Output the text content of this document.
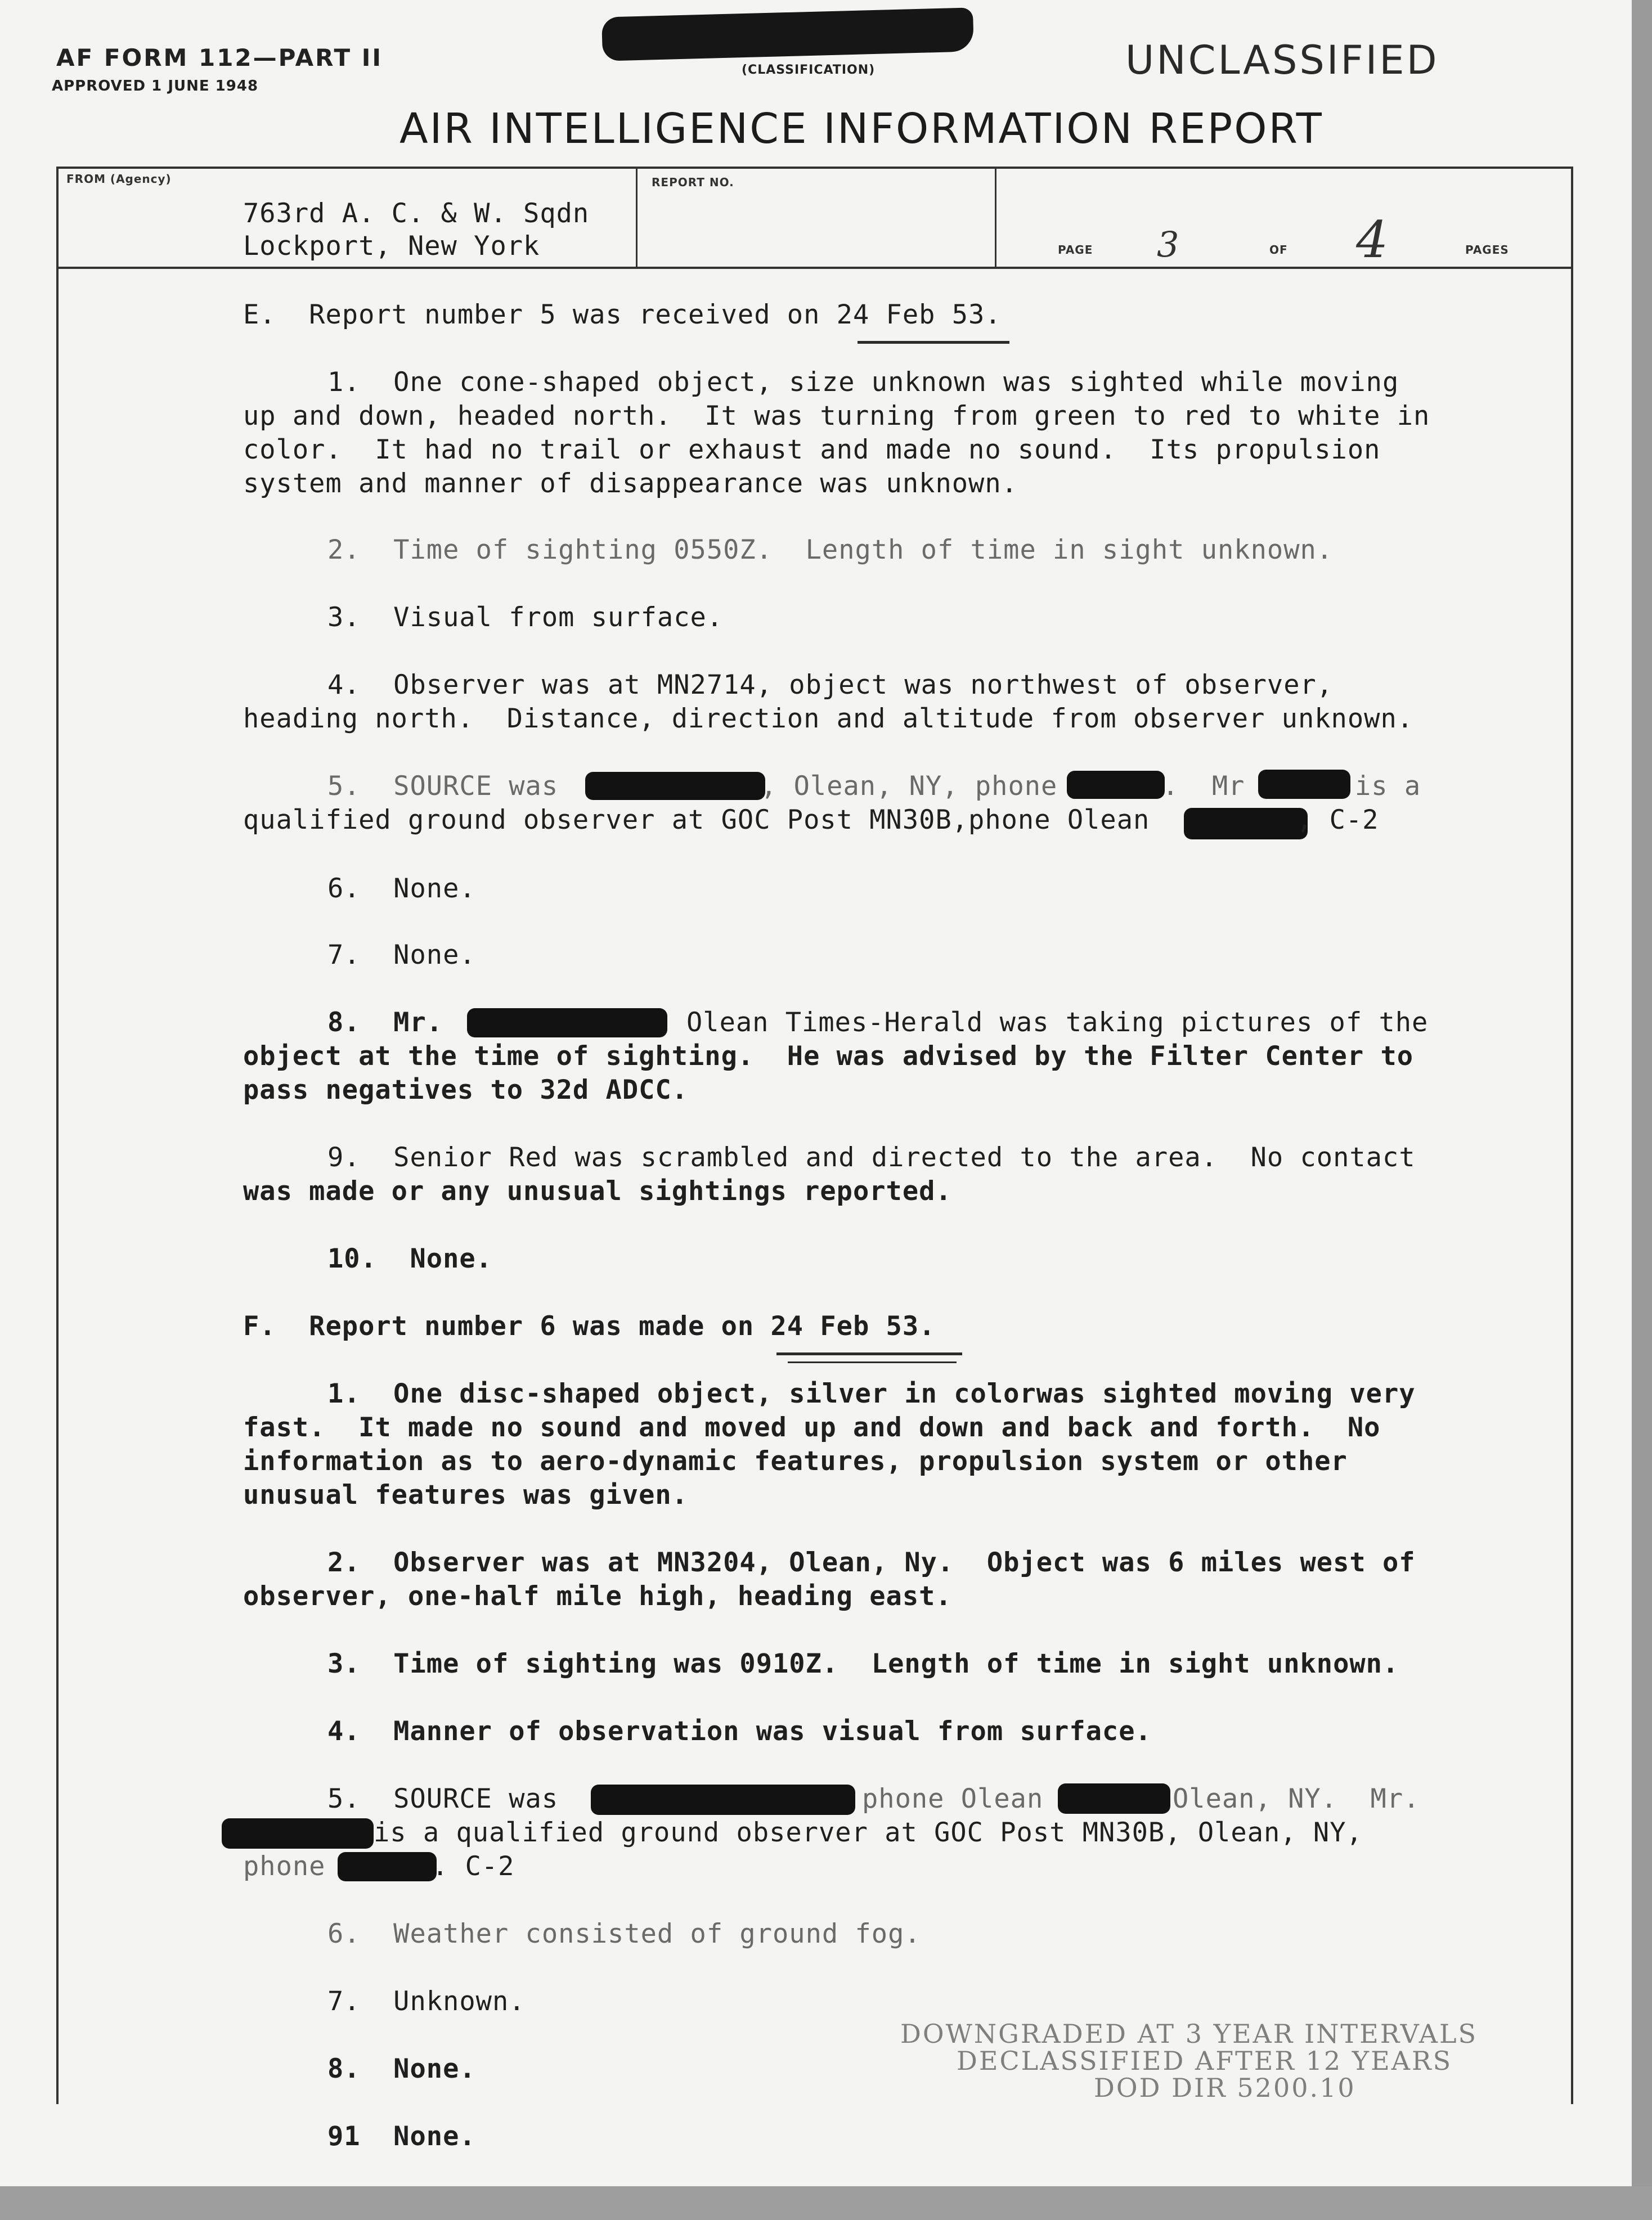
AF FORM 112—PART II
APPROVED 1 JUNE 1948
(CLASSIFICATION)	UNCLASSIFIED
AIR INTELLIGENCE INFORMATION REPORT
FROM (Agency)	REPORT NO.
PAGE	OF	PAGES
3	4
763rd A. C. & W. Sqdn
Lockport, New York
E.  Report number 5 was received on 24 Feb 53.
1.  One cone-shaped object, size unknown was sighted while moving
up and down, headed north.  It was turning from green to red to white in
color.  It had no trail or exhaust and made no sound.  Its propulsion
system and manner of disappearance was unknown.
2.  Time of sighting 0550Z.  Length of time in sight unknown.
3.  Visual from surface.
4.  Observer was at MN2714, object was northwest of observer,
heading north.  Distance, direction and altitude from observer unknown.
5.  SOURCE was	, Olean, NY, phone	.  Mr	is a
qualified ground observer at GOC Post MN30B,phone Olean	, C-2
6.  None.
7.  None.
8.  Mr.	Olean Times-Herald was taking pictures of the
object at the time of sighting.  He was advised by the Filter Center to
pass negatives to 32d ADCC.
9.  Senior Red was scrambled and directed to the area.  No contact
was made or any unusual sightings reported.
10.  None.
F.  Report number 6 was made on 24 Feb 53.
1.  One disc-shaped object, silver in colorwas sighted moving very
fast.  It made no sound and moved up and down and back and forth.  No
information as to aero-dynamic features, propulsion system or other
unusual features was given.
2.  Observer was at MN3204, Olean, Ny.  Object was 6 miles west of
observer, one-half mile high, heading east.
3.  Time of sighting was 0910Z.  Length of time in sight unknown.
4.  Manner of observation was visual from surface.
5.  SOURCE was	phone Olean	Olean, NY.  Mr.
is a qualified ground observer at GOC Post MN30B, Olean, NY,
phone	. C-2
6.  Weather consisted of ground fog.
7.  Unknown.
8.  None.
91  None.

DOWNGRADED AT 3 YEAR INTERVALS

DECLASSIFIED AFTER 12 YEARS

DOD DIR 5200.10
